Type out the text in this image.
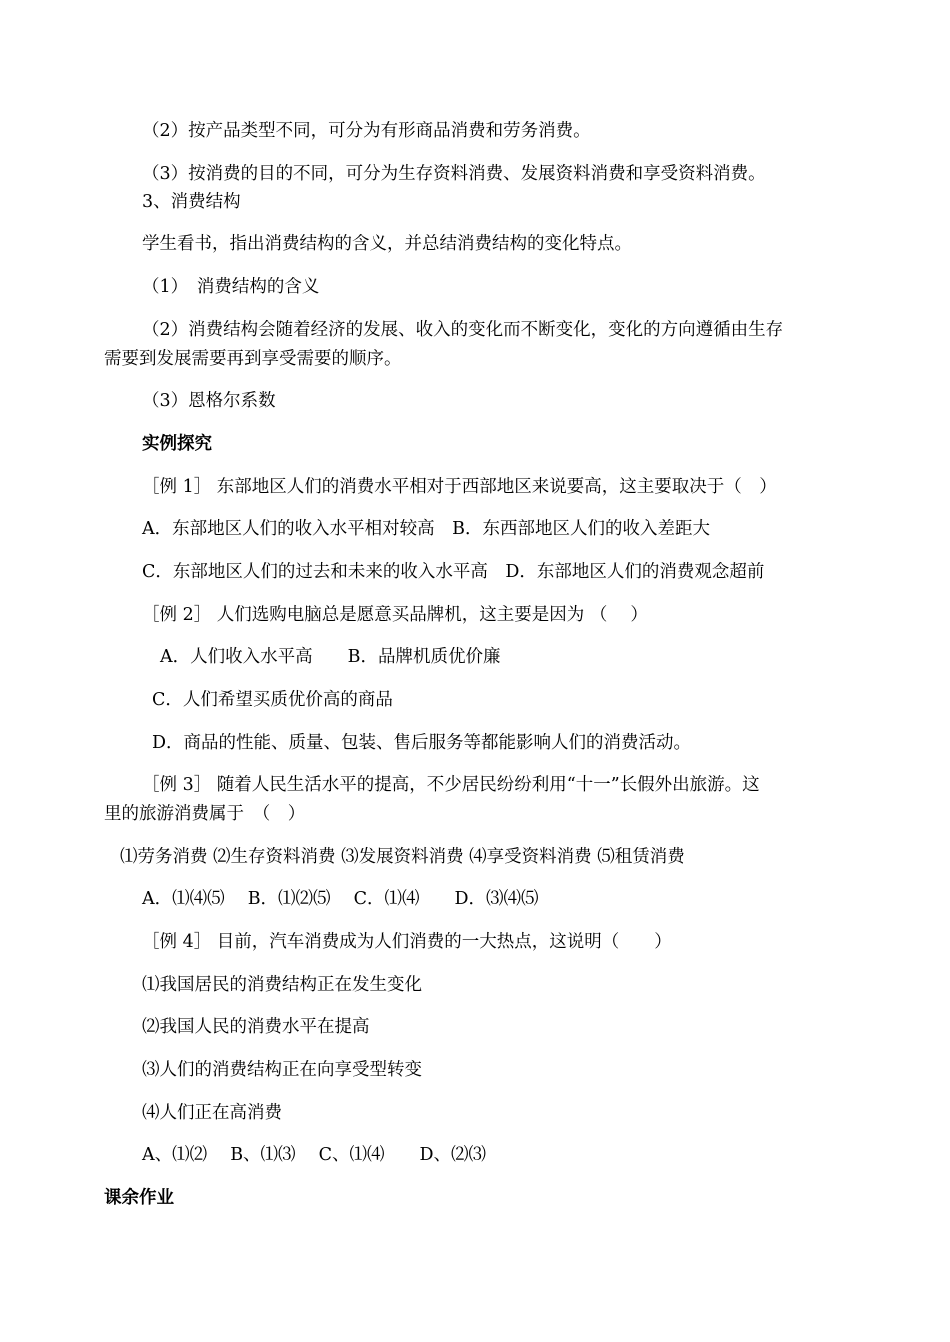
（2）按产品类型不同，可分为有形商品消费和劳务消费。

（3）按消费的目的不同，可分为生存资料消费、发展资料消费和享受资料消费。

3、消费结构

学生看书，指出消费结构的含义，并总结消费结构的变化特点。

（1）　消费结构的含义

（2）消费结构会随着经济的发展、收入的变化而不断变化，变化的方向遵循由生存

需要到发展需要再到享受需要的顺序。

（3）恩格尔系数

实例探究

［例 1］ 东部地区人们的消费水平相对于西部地区来说要高，这主要取决于（　）

A．东部地区人们的收入水平相对较高　B．东西部地区人们的收入差距大

C．东部地区人们的过去和未来的收入水平高　D．东部地区人们的消费观念超前

［例 2］ 人们选购电脑总是愿意买品牌机，这主要是因为 （　 ）

A．人们收入水平高　　B．品牌机质优价廉

C．人们希望买质优价高的商品

D．商品的性能、质量、包装、售后服务等都能影响人们的消费活动。

［例 3］ 随着人民生活水平的提高，不少居民纷纷利用“十一”长假外出旅游。这

里的旅游消费属于　（　）

⑴劳务消费 ⑵生存资料消费 ⑶发展资料消费 ⑷享受资料消费 ⑸租赁消费

A．⑴⑷⑸　 B．⑴⑵⑸　 C．⑴⑷　　D．⑶⑷⑸

［例 4］ 目前，汽车消费成为人们消费的一大热点，这说明（　　）

⑴我国居民的消费结构正在发生变化

⑵我国人民的消费水平在提高

⑶人们的消费结构正在向享受型转变

⑷人们正在高消费

A、⑴⑵　 B、⑴⑶　 C、⑴⑷　　D、⑵⑶

课余作业
